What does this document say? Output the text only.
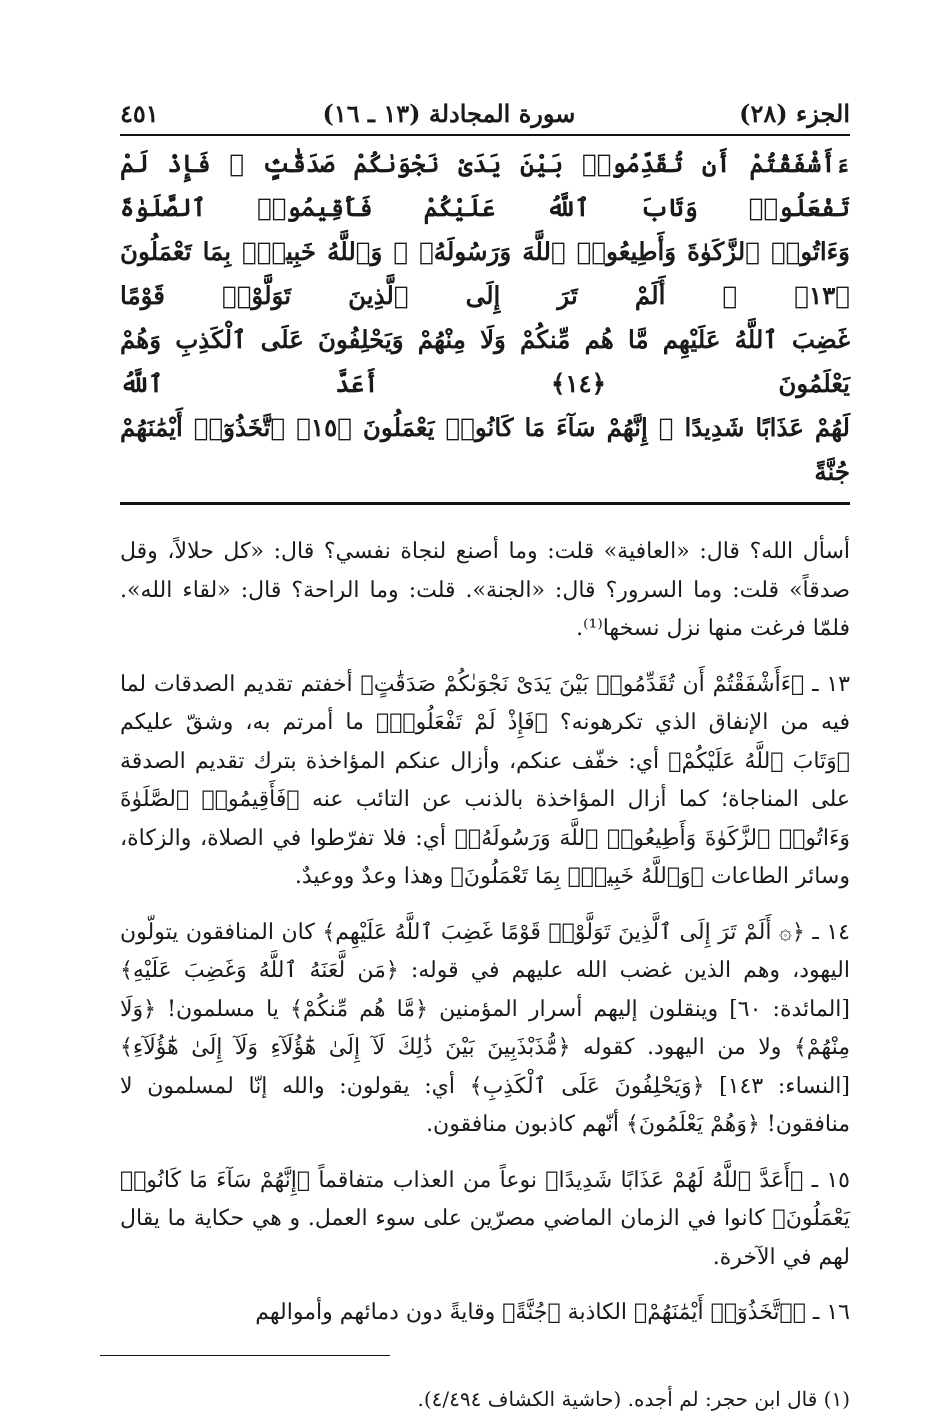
الجزء (٢٨)
سورة المجادلة (١٣ ـ ١٦)
٤٥١

ءَأَشْفَقْتُمْ أَن تُقَدِّمُوا۟ بَيْنَ يَدَىْ نَجْوَىٰكُمْ صَدَقَٰتٍۢ ۚ فَإِذْ لَمْ تَفْعَلُوا۟ وَتَابَ ٱللَّهُ عَلَيْكُمْ فَأَقِيمُوا۟ ٱلصَّلَوٰةَ

وَءَاتُوا۟ ٱلزَّكَوٰةَ وَأَطِيعُوا۟ ٱللَّهَ وَرَسُولَهُۥ ۚ وَٱللَّهُ خَبِيرٌۢ بِمَا تَعْمَلُونَ ﴿١٣﴾ ۞ أَلَمْ تَرَ إِلَى ٱلَّذِينَ تَوَلَّوْا۟ قَوْمًا

غَضِبَ ٱللَّهُ عَلَيْهِم مَّا هُم مِّنكُمْ وَلَا مِنْهُمْ وَيَحْلِفُونَ عَلَى ٱلْكَذِبِ وَهُمْ يَعْلَمُونَ ﴿١٤﴾ أَعَدَّ ٱللَّهُ

لَهُمْ عَذَابًا شَدِيدًا ۖ إِنَّهُمْ سَآءَ مَا كَانُوا۟ يَعْمَلُونَ ﴿١٥﴾ ٱتَّخَذُوٓا۟ أَيْمَٰنَهُمْ جُنَّةً

أسأل الله؟ قال: «العافية» قلت: وما أصنع لنجاة نفسي؟ قال: «كل حلالاً، وقل صدقاً» قلت: وما السرور؟ قال: «الجنة». قلت: وما الراحة؟ قال: «لقاء الله». فلمّا فرغت منها نزل نسخها⁽¹⁾.

١٣ ـ ﴿ءَأَشْفَقْتُمْ أَن تُقَدِّمُوا۟ بَيْنَ يَدَىْ نَجْوَىٰكُمْ صَدَقَٰتٍ﴾ أخفتم تقديم الصدقات لما فيه من الإنفاق الذي تكرهونه؟ ﴿فَإِذْ لَمْ تَفْعَلُوا۟﴾ ما أمرتم به، وشقّ عليكم ﴿وَتَابَ ٱللَّهُ عَلَيْكُمْ﴾ أي: خفّف عنكم، وأزال عنكم المؤاخذة بترك تقديم الصدقة على المناجاة؛ كما أزال المؤاخذة بالذنب عن التائب عنه ﴿فَأَقِيمُوا۟ ٱلصَّلَوٰةَ وَءَاتُوا۟ ٱلزَّكَوٰةَ وَأَطِيعُوا۟ ٱللَّهَ وَرَسُولَهُۥ﴾ أي: فلا تفرّطوا في الصلاة، والزكاة، وسائر الطاعات ﴿وَٱللَّهُ خَبِيرٌۢ بِمَا تَعْمَلُونَ﴾ وهذا وعدٌ ووعيدٌ.

١٤ ـ ﴿۞ أَلَمْ تَرَ إِلَى ٱلَّذِينَ تَوَلَّوْا۟ قَوْمًا غَضِبَ ٱللَّهُ عَلَيْهِم﴾ كان المنافقون يتولّون اليهود، وهم الذين غضب الله عليهم في قوله: ﴿مَن لَّعَنَهُ ٱللَّهُ وَغَضِبَ عَلَيْهِ﴾ [المائدة: ٦٠] وينقلون إليهم أسرار المؤمنين ﴿مَّا هُم مِّنكُمْ﴾ يا مسلمون! ﴿وَلَا مِنْهُمْ﴾ ولا من اليهود. كقوله ﴿مُّذَبْذَبِينَ بَيْنَ ذَٰلِكَ لَآ إِلَىٰ هَٰٓؤُلَآءِ وَلَآ إِلَىٰ هَٰٓؤُلَآءِ﴾ [النساء: ١٤٣] ﴿وَيَحْلِفُونَ عَلَى ٱلْكَذِبِ﴾ أي: يقولون: والله إنّا لمسلمون لا منافقون! ﴿وَهُمْ يَعْلَمُونَ﴾ أنّهم كاذبون منافقون.

١٥ ـ ﴿أَعَدَّ ٱللَّهُ لَهُمْ عَذَابًا شَدِيدًا﴾ نوعاً من العذاب متفاقماً ﴿إِنَّهُمْ سَآءَ مَا كَانُوا۟ يَعْمَلُونَ﴾ كانوا في الزمان الماضي مصرّين على سوء العمل. و هي حكاية ما يقال لهم في الآخرة.

١٦ ـ ﴿ٱتَّخَذُوٓا۟ أَيْمَٰنَهُمْ﴾ الكاذبة ﴿جُنَّةً﴾ وقايةً دون دمائهم وأموالهم

(١) قال ابن حجر: لم أجده. (حاشية الكشاف ٤/٤٩٤).
